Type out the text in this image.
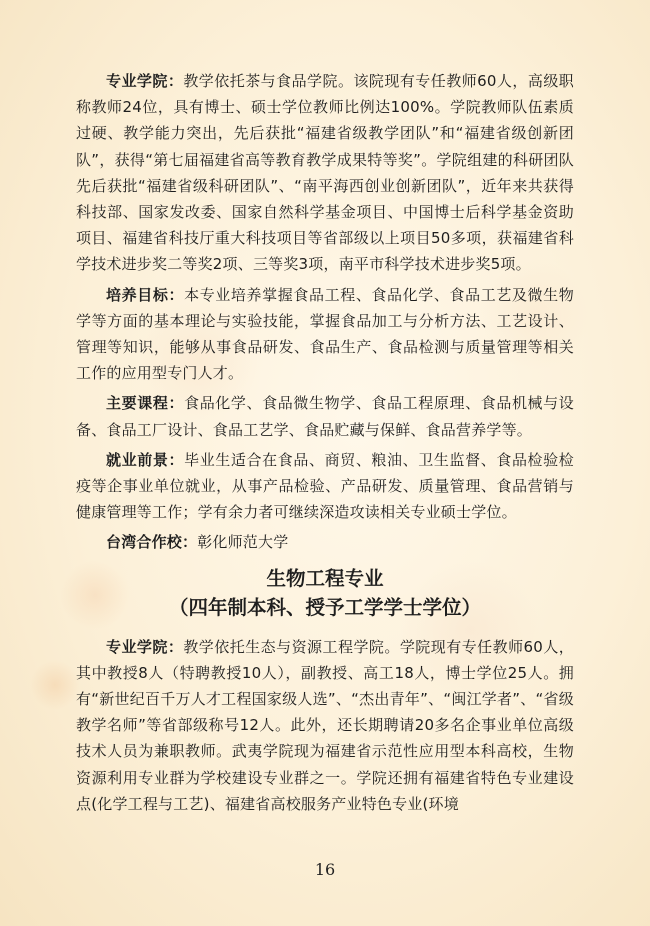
专业学院：教学依托茶与食品学院。该院现有专任教师60人，高级职称教师24位，具有博士、硕士学位教师比例达100%。学院教师队伍素质过硬、教学能力突出，先后获批“福建省级教学团队”和“福建省级创新团队”，获得“第七届福建省高等教育教学成果特等奖”。学院组建的科研团队先后获批“福建省级科研团队”、“南平海西创业创新团队”，近年来共获得科技部、国家发改委、国家自然科学基金项目、中国博士后科学基金资助项目、福建省科技厅重大科技项目等省部级以上项目50多项，获福建省科学技术进步奖二等奖2项、三等奖3项，南平市科学技术进步奖5项。

培养目标：本专业培养掌握食品工程、食品化学、食品工艺及微生物学等方面的基本理论与实验技能，掌握食品加工与分析方法、工艺设计、管理等知识，能够从事食品研发、食品生产、食品检测与质量管理等相关工作的应用型专门人才。

主要课程：食品化学、食品微生物学、食品工程原理、食品机械与设备、食品工厂设计、食品工艺学、食品贮藏与保鲜、食品营养学等。

就业前景：毕业生适合在食品、商贸、粮油、卫生监督、食品检验检疫等企事业单位就业，从事产品检验、产品研发、质量管理、食品营销与健康管理等工作；学有余力者可继续深造攻读相关专业硕士学位。

台湾合作校：彰化师范大学

生物工程专业
（四年制本科、授予工学学士学位）

专业学院：教学依托生态与资源工程学院。学院现有专任教师60人，其中教授8人（特聘教授10人），副教授、高工18人，博士学位25人。拥有“新世纪百千万人才工程国家级人选”、“杰出青年”、“闽江学者”、“省级教学名师”等省部级称号12人。此外，还长期聘请20多名企事业单位高级技术人员为兼职教师。武夷学院现为福建省示范性应用型本科高校，生物资源利用专业群为学校建设专业群之一。学院还拥有福建省特色专业建设点(化学工程与工艺)、福建省高校服务产业特色专业(环境

16
